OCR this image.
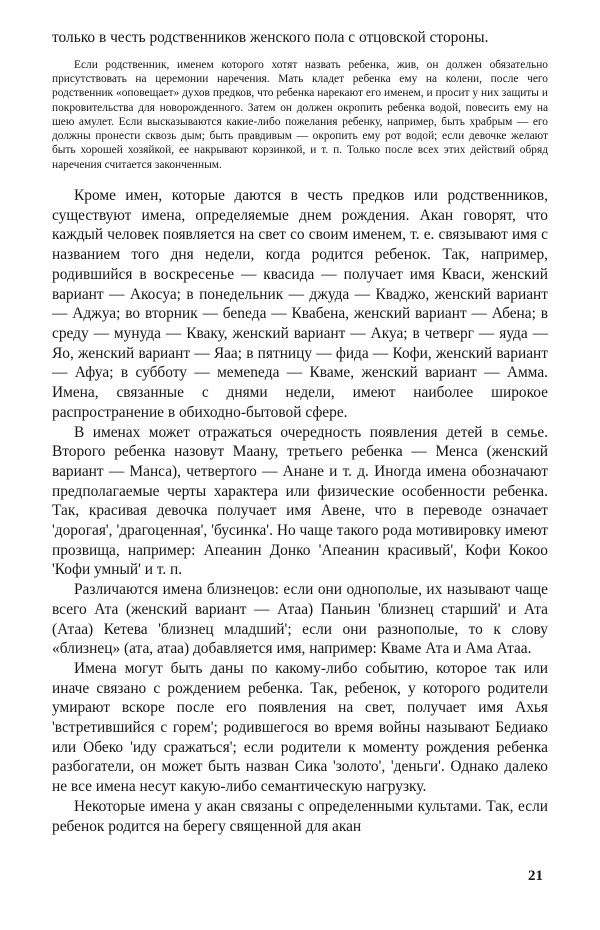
только в честь родственников женского пола с отцовской стороны.

Если родственник, именем которого хотят назвать ребенка, жив, он должен обязательно присутствовать на церемонии наречения. Мать кладет ребенка ему на колени, после чего родственник «оповещает» духов предков, что ребенка нарекают его именем, и просит у них защиты и покровительства для новорожденного. Затем он должен окропить ребенка водой, повесить ему на шею амулет. Если высказываются какие-либо пожелания ребенку, например, быть храбрым — его должны пронести сквозь дым; быть правдивым — окропить ему рот водой; если девочке желают быть хорошей хозяйкой, ее накрывают корзинкой, и т. п. Только после всех этих действий обряд наречения считается законченным.

Кроме имен, которые даются в честь предков или родственников, существуют имена, определяемые днем рождения. Акан говорят, что каждый человек появляется на свет со своим именем, т. е. связывают имя с названием того дня недели, когда родится ребенок. Так, например, родившийся в воскресенье — квасида — получает имя Кваси, женский вариант — Акосуа; в понедельник — джуда — Кваджо, женский вариант — Аджуа; во вторник — беneда — Квабена, женский вариант — Абена; в среду — мунуда — Кваку, женский вариант — Акуа; в четверг — яуда — Яо, женский вариант — Яаа; в пятницу — фида — Кофи, женский вариант — Афуа; в субботу — мемeneда — Кваме, женский вариант — Амма. Имена, связанные с днями недели, имеют наиболее широкое распространение в обиходно-бытовой сфере.

В именах может отражаться очередность появления детей в семье. Второго ребенка назовут Маану, третьего ребенка — Менса (женский вариант — Манса), четвертого — Анане и т. д. Иногда имена обозначают предполагаемые черты характера или физические особенности ребенка. Так, красивая девочка получает имя Авене, что в переводе означает 'дорогая', 'драгоценная', 'бусинка'. Но чаще такого рода мотивировку имеют прозвища, например: Апеанин Донко 'Апеанин красивый', Кофи Кокоо 'Кофи умный' и т. п.

Различаются имена близнецов: если они однополые, их называют чаще всего Ата (женский вариант — Атаа) Паньин 'близнец старший' и Ата (Атаа) Кетева 'близнец младший'; если они разнополые, то к слову «близнец» (ата, атаа) добавляется имя, например: Кваме Ата и Ама Атаа.

Имена могут быть даны по какому-либо событию, которое так или иначе связано с рождением ребенка. Так, ребенок, у которого родители умирают вскоре после его появления на свет, получает имя Ахья 'встретившийся с горем'; родившегося во время войны называют Бедиако или Обеко 'иду сражаться'; если родители к моменту рождения ребенка разбогатели, он может быть назван Сика 'золото', 'деньги'. Однако далеко не все имена несут какую-либо семантическую нагрузку.

Некоторые имена у акан связаны с определенными культами. Так, если ребенок родится на берегу священной для акан

21
